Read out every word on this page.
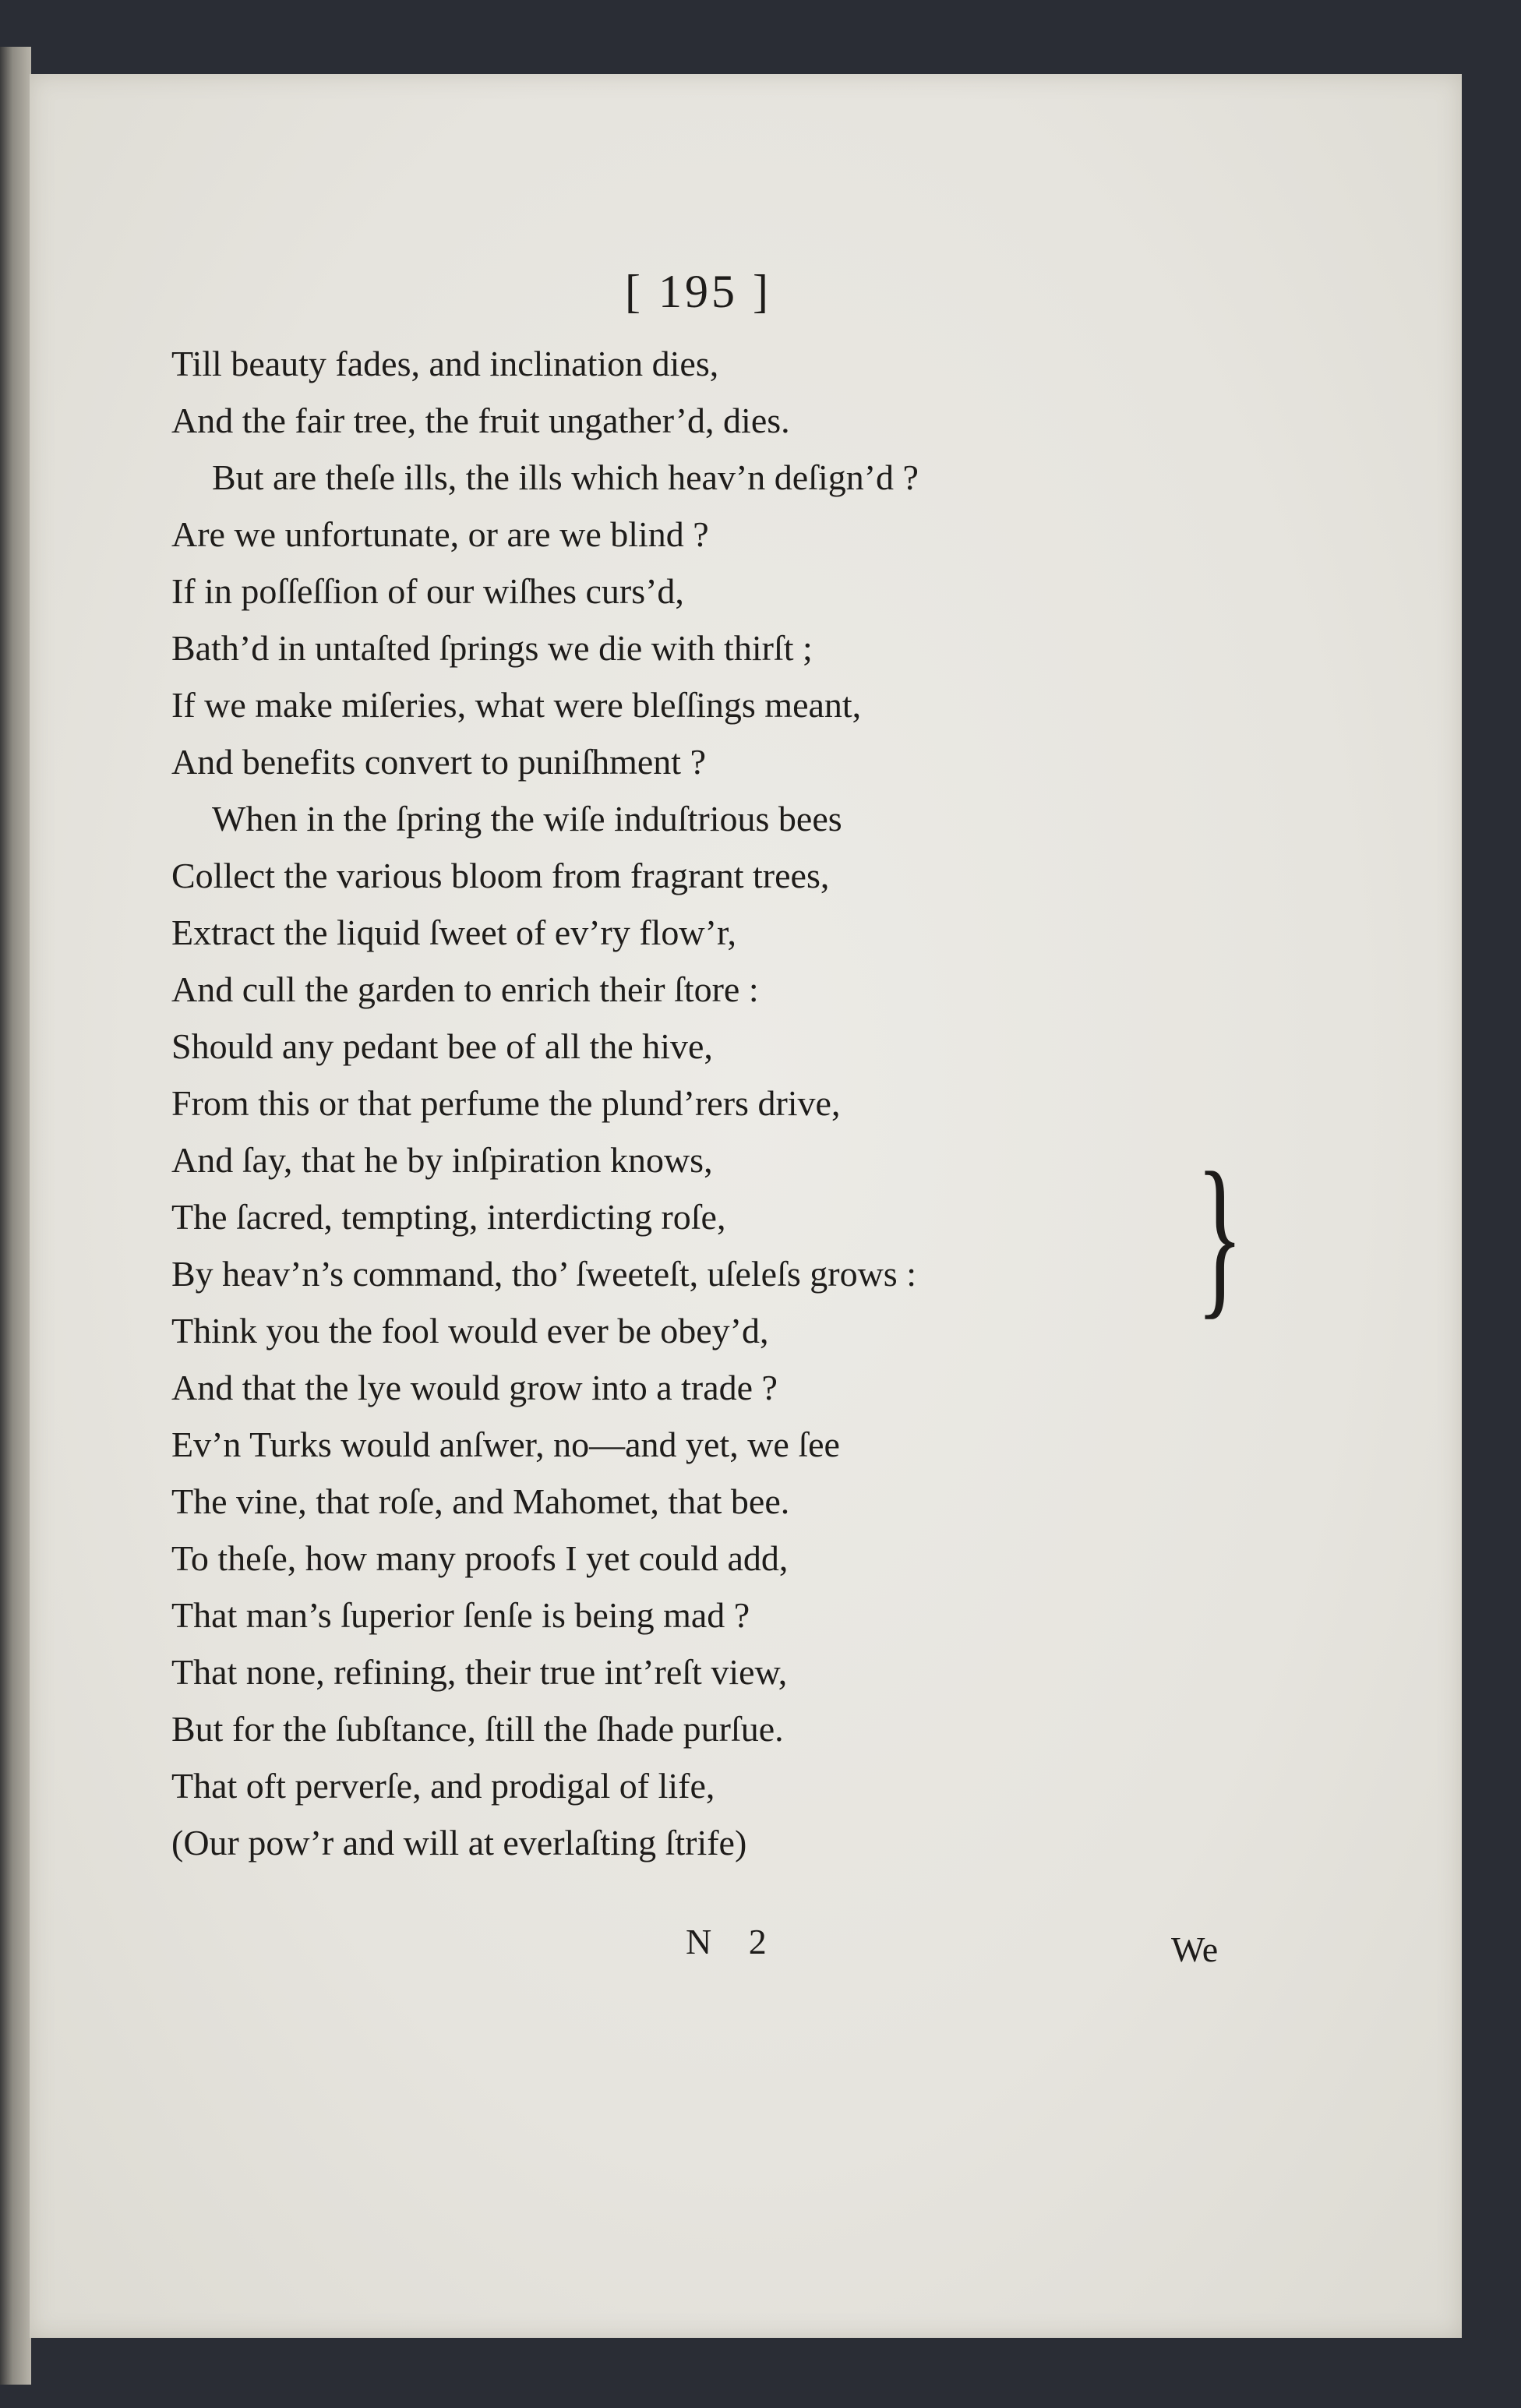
[ 195 ]
Till beauty fades, and inclination dies,
And the fair tree, the fruit ungather’d, dies.
But are theſe ills, the ills which heav’n deſign’d ?
Are we unfortunate, or are we blind ?
If in poſſeſſion of our wiſhes curs’d,
Bath’d in untaſted ſprings we die with thirſt ;
If we make miſeries, what were bleſſings meant,
And benefits convert to puniſhment ?
When in the ſpring the wiſe induſtrious bees
Collect the various bloom from fragrant trees,
Extract the liquid ſweet of ev’ry flow’r,
And cull the garden to enrich their ſtore :
Should any pedant bee of all the hive,
From this or that perfume the plund’rers drive,
And ſay, that he by inſpiration knows,
The ſacred, tempting, interdicting roſe,
By heav’n’s command, tho’ ſweeteſt, uſeleſs grows :
Think you the fool would ever be obey’d,
And that the lye would grow into a trade ?
Ev’n Turks would anſwer, no—and yet, we ſee
The vine, that roſe, and Mahomet, that bee.
To theſe, how many proofs I yet could add,
That man’s ſuperior ſenſe is being mad ?
That none, refining, their true int’reſt view,
But for the ſubſtance, ſtill the ſhade purſue.
That oft perverſe, and prodigal of life,
(Our pow’r and will at everlaſting ſtrife)
}
N 2	We
